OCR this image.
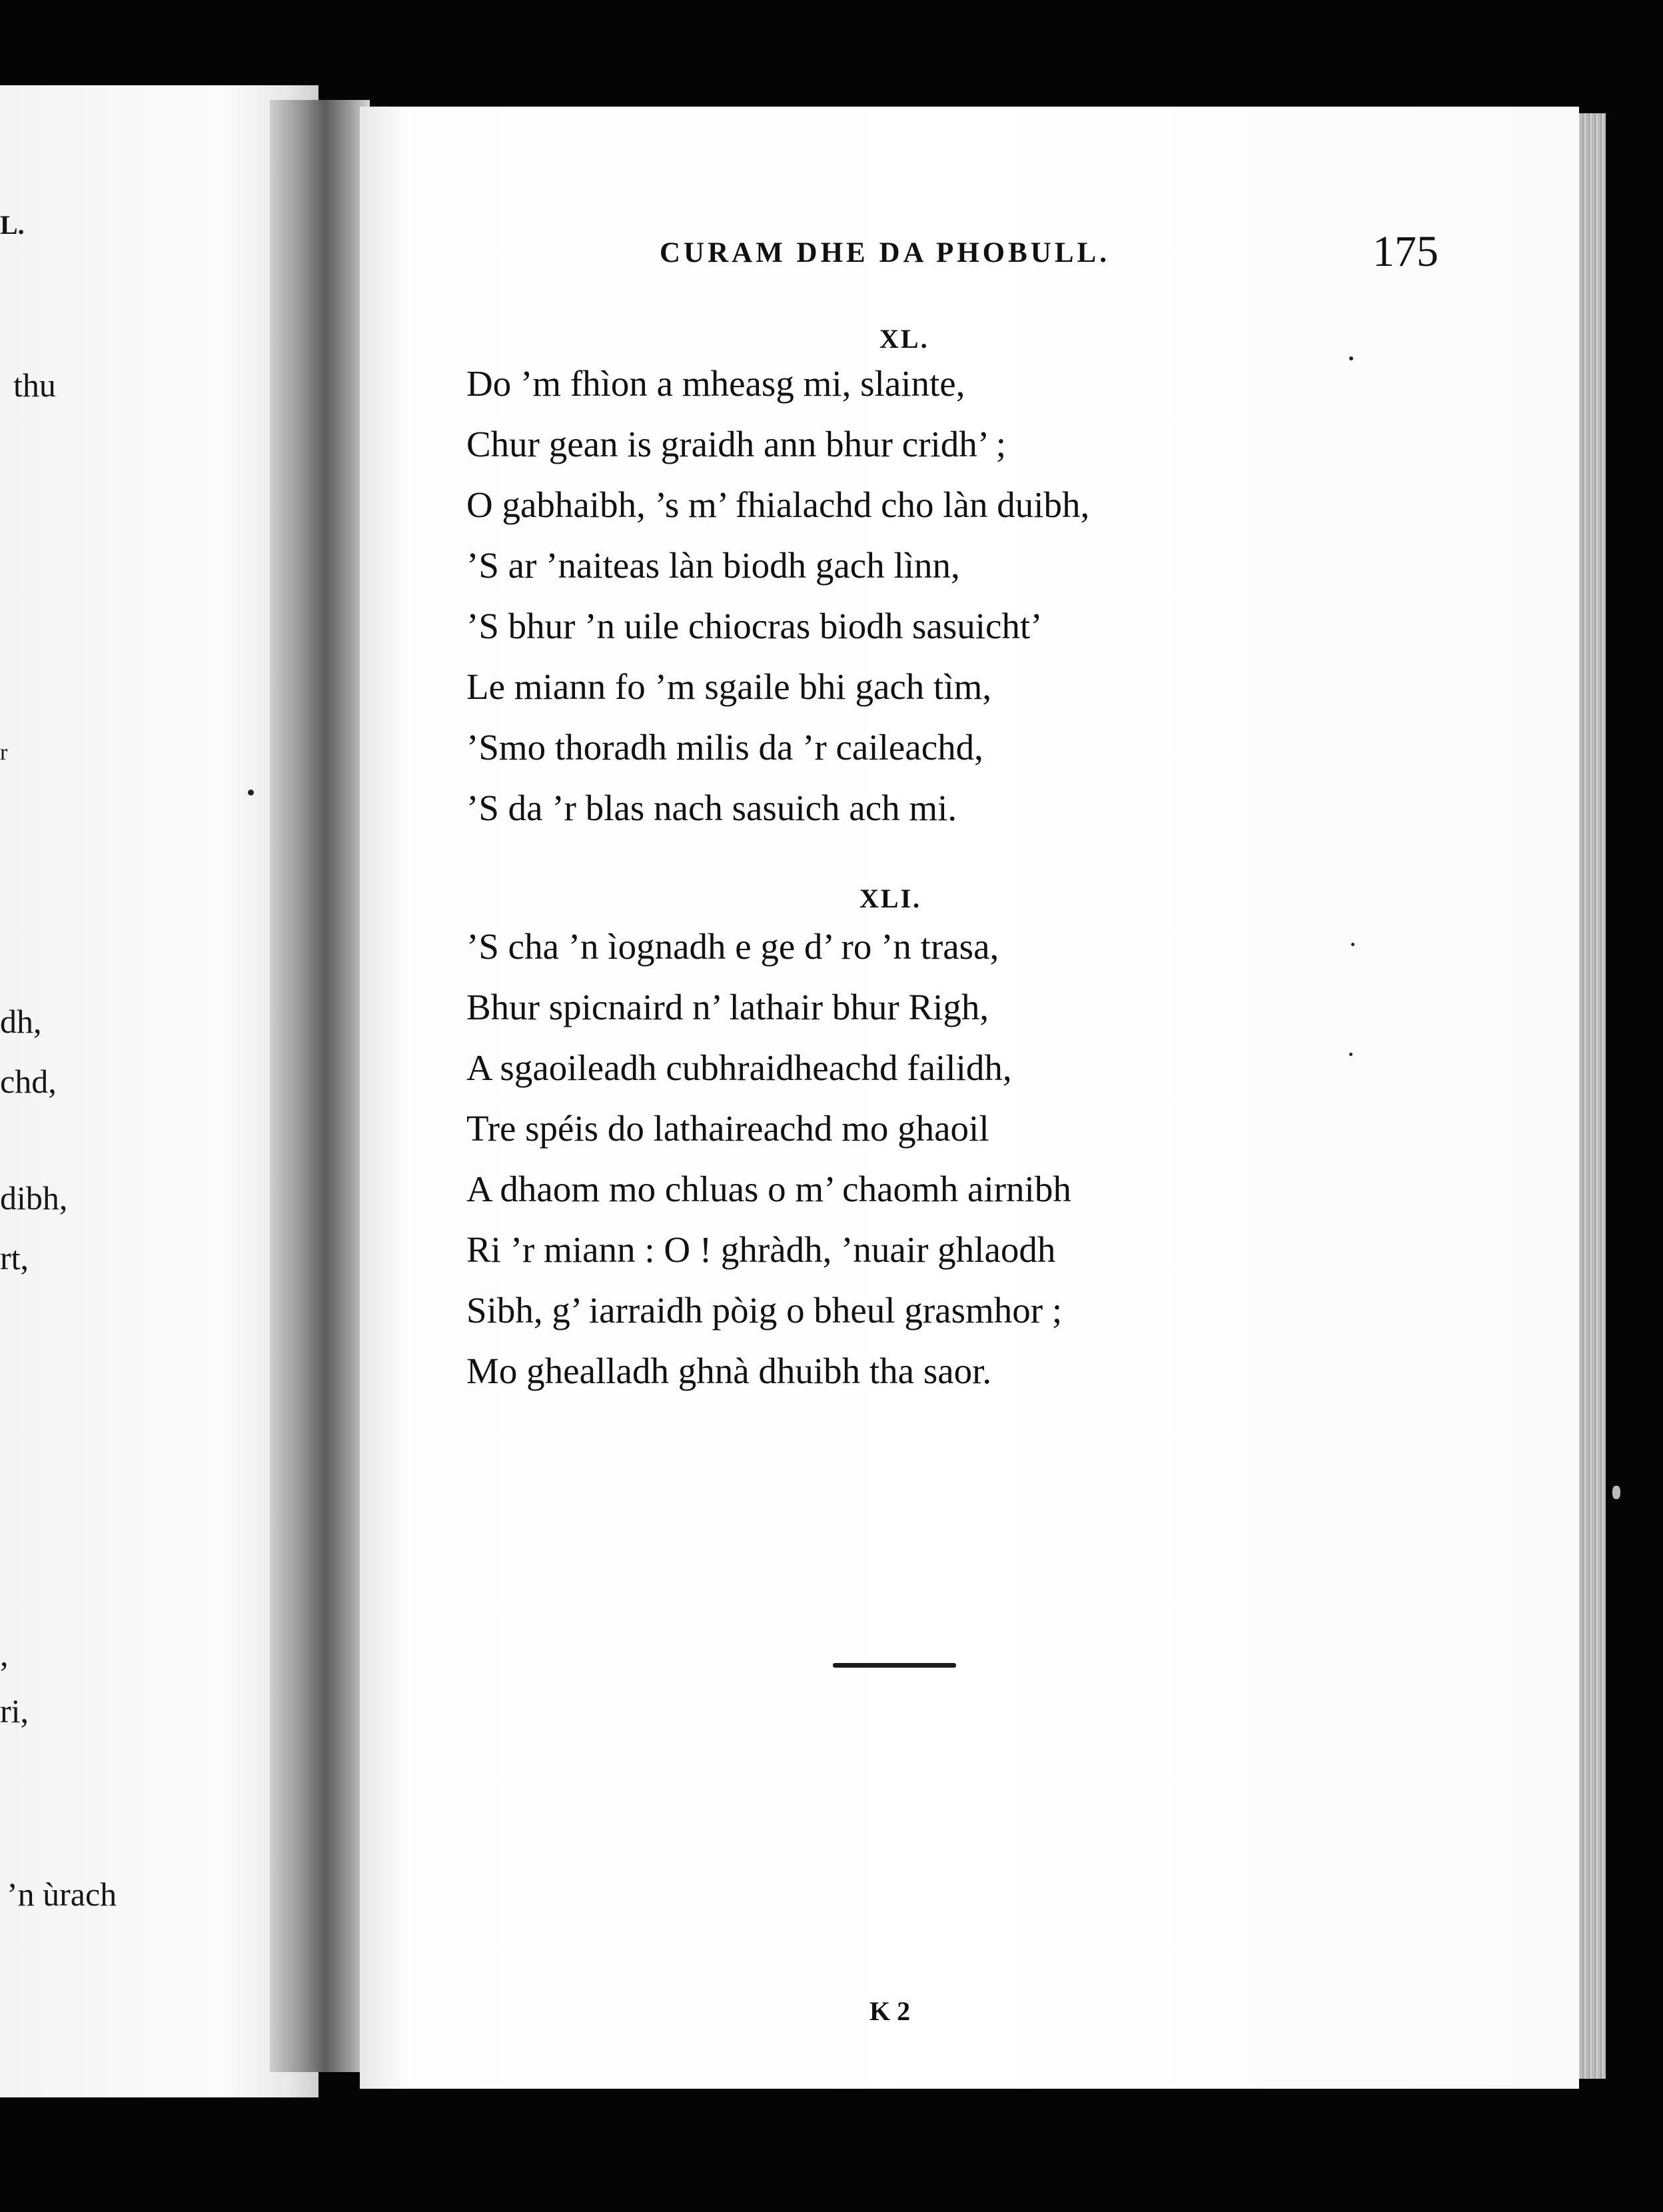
L.
thu
r
dh,
chd,
dibh,
rt,
,
ri,
’n ùrach
CURAM DHE DA PHOBULL.	175
XL.
Do ’m fhìon a mheasg mi, slainte,
Chur gean is graidh ann bhur cridh’ ;
O gabhaibh, ’s m’ fhialachd cho làn duibh,
’S ar ’naiteas làn biodh gach lìnn,
’S bhur ’n uile chiocras biodh sasuicht’
Le miann fo ’m sgaile bhi gach tìm,
’Smo thoradh milis da ’r caileachd,
’S da ’r blas nach sasuich ach mi.
XLI.
’S cha ’n ìognadh e ge d’ ro ’n trasa,
Bhur spicnaird n’ lathair bhur Righ,
A sgaoileadh cubhraidheachd failidh,
Tre spéis do lathaireachd mo ghaoil
A dhaom mo chluas o m’ chaomh airnibh
Ri ’r miann : O ! ghràdh, ’nuair ghlaodh
Sibh, g’ iarraidh pòig o bheul grasmhor ;
Mo ghealladh ghnà dhuibh tha saor.
K 2
